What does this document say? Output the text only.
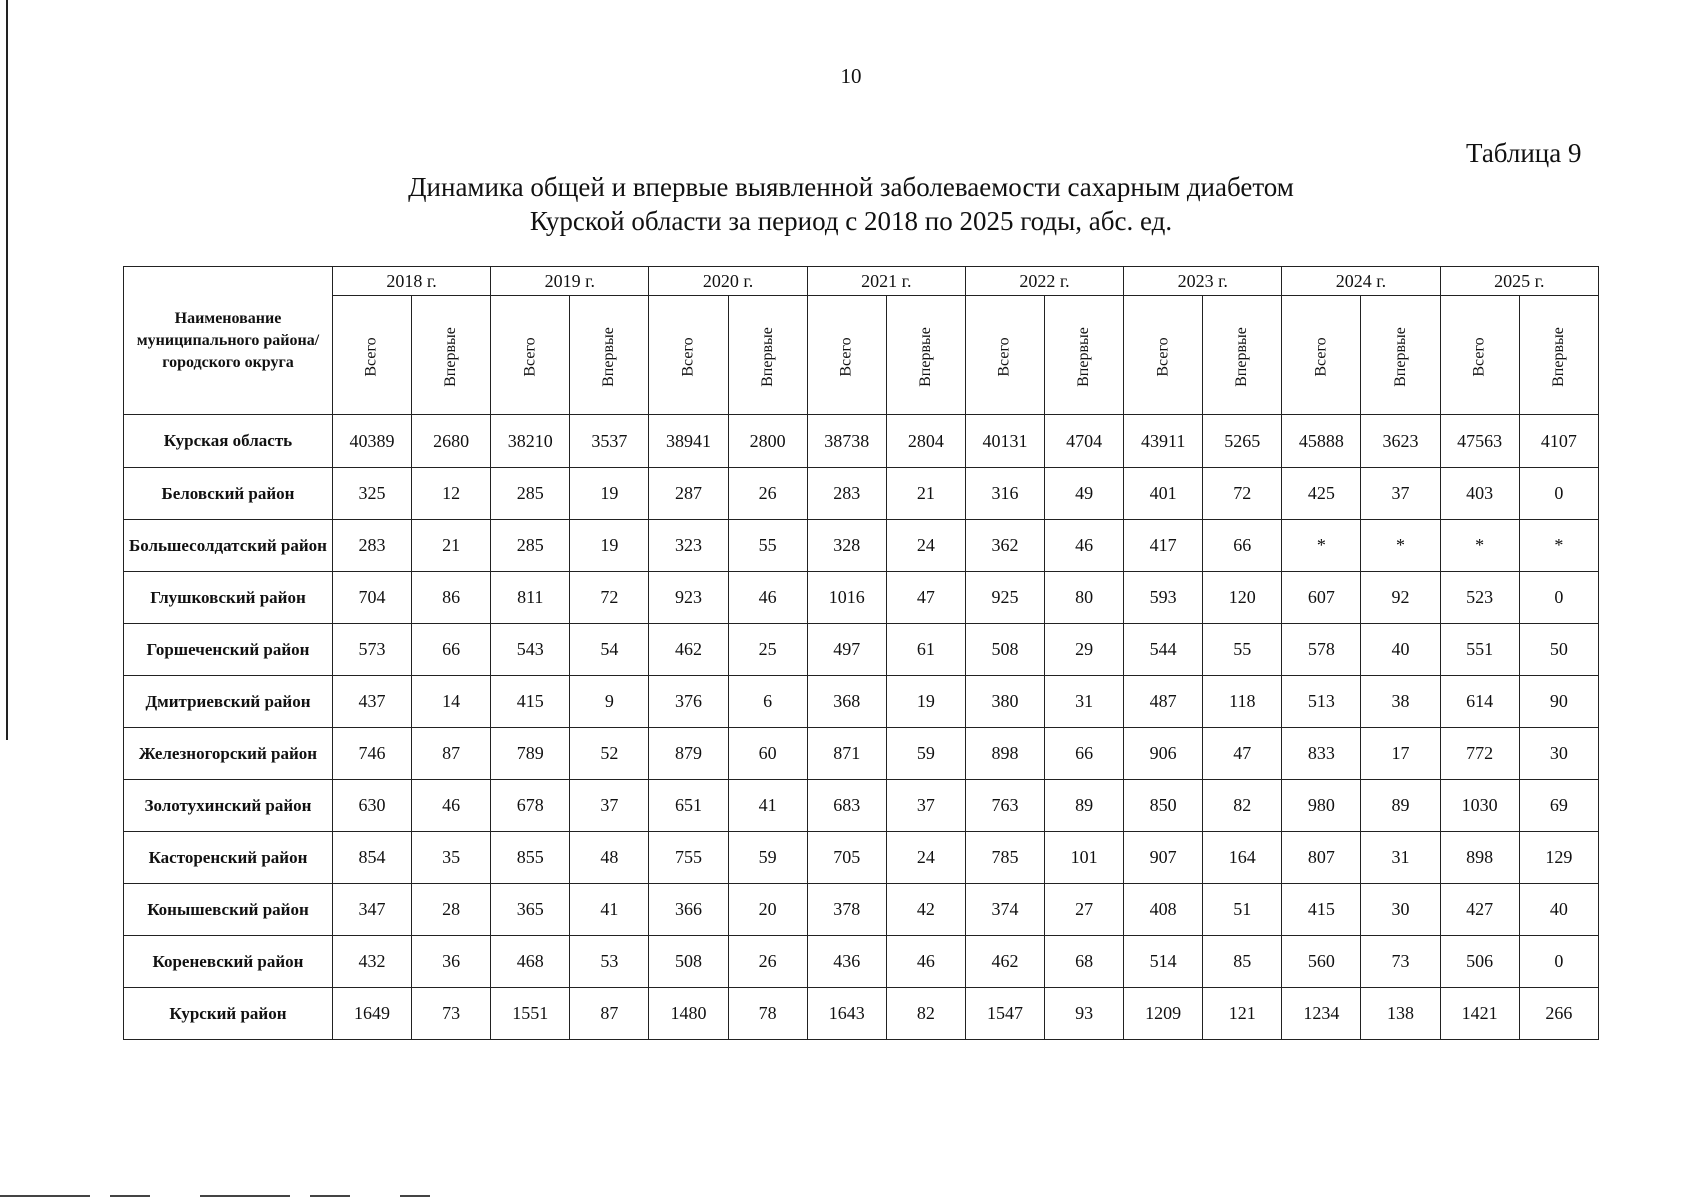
10
Таблица 9
Динамика общей и впервые выявленной заболеваемости сахарным диабетом
Курской области за период с 2018 по 2025 годы, абс. ед.
Наименование муниципального района/ городского округа	2018 г.		2019 г.		2020 г.		2021 г.		2022 г.		2023 г.		2024 г.		2025 г.	
	Всего	Впервые	Всего	Впервые	Всего	Впервые	Всего	Впервые	Всего	Впервые	Всего	Впервые	Всего	Впервые	Всего	Впервые
Курская область	40389	2680	38210	3537	38941	2800	38738	2804	40131	4704	43911	5265	45888	3623	47563	4107
Беловский район	325	12	285	19	287	26	283	21	316	49	401	72	425	37	403	0
Большесолдатский район	283	21	285	19	323	55	328	24	362	46	417	66	*	*	*	*
Глушковский район	704	86	811	72	923	46	1016	47	925	80	593	120	607	92	523	0
Горшеченский район	573	66	543	54	462	25	497	61	508	29	544	55	578	40	551	50
Дмитриевский район	437	14	415	9	376	6	368	19	380	31	487	118	513	38	614	90
Железногорский район	746	87	789	52	879	60	871	59	898	66	906	47	833	17	772	30
Золотухинский район	630	46	678	37	651	41	683	37	763	89	850	82	980	89	1030	69
Касторенский район	854	35	855	48	755	59	705	24	785	101	907	164	807	31	898	129
Конышевский район	347	28	365	41	366	20	378	42	374	27	408	51	415	30	427	40
Кореневский район	432	36	468	53	508	26	436	46	462	68	514	85	560	73	506	0
Курский район	1649	73	1551	87	1480	78	1643	82	1547	93	1209	121	1234	138	1421	266
